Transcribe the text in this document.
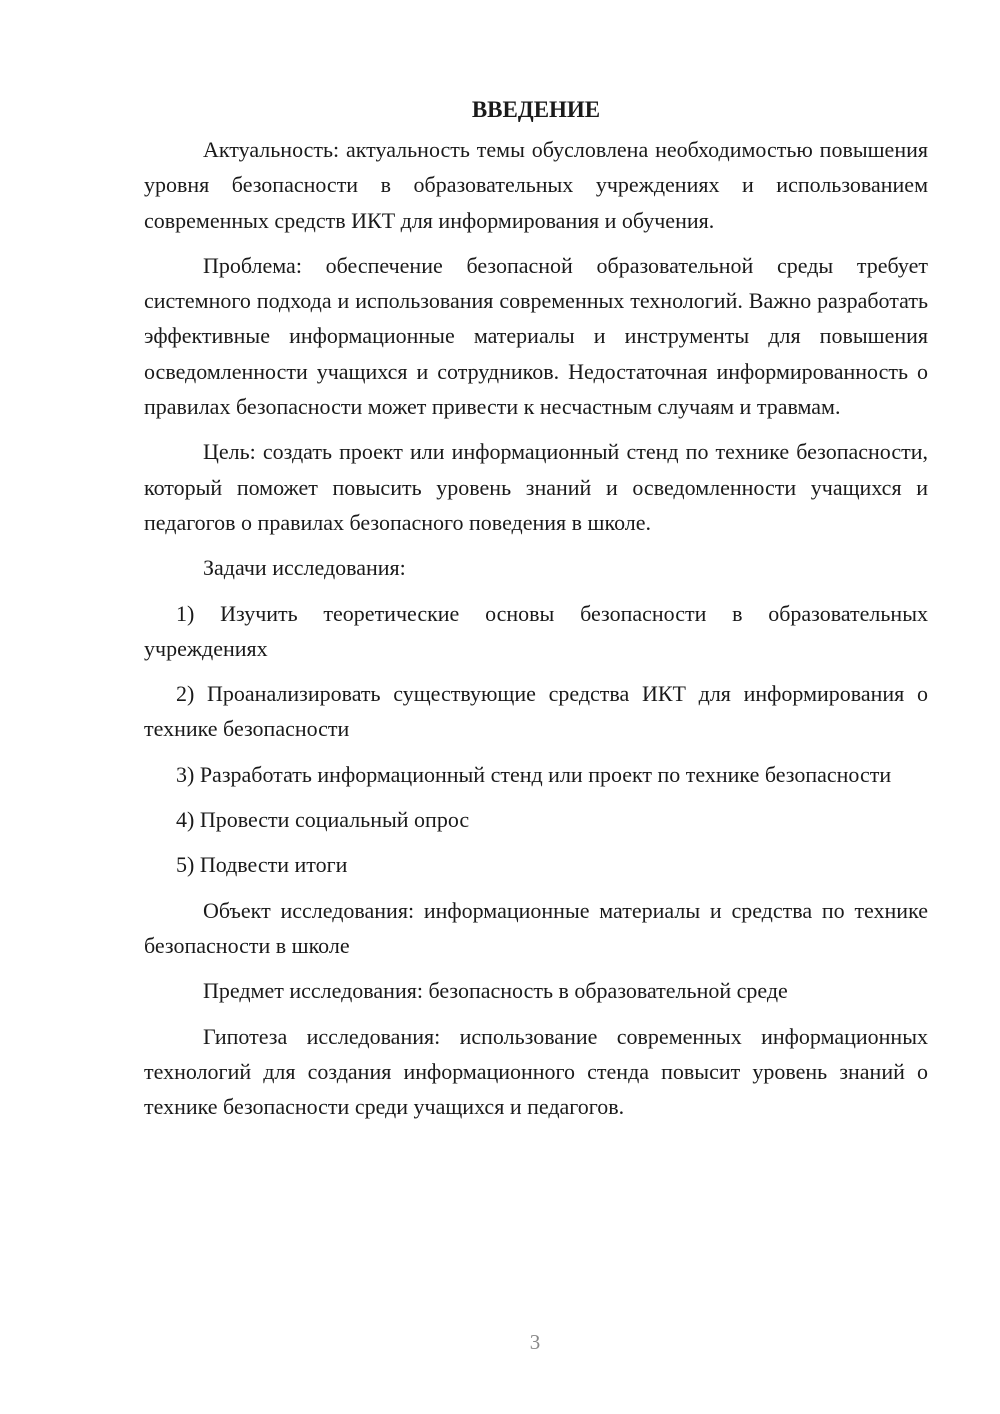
ВВЕДЕНИЕ

Актуальность: актуальность темы обусловлена необходимостью повышения уровня безопасности в образовательных учреждениях и использованием современных средств ИКТ для информирования и обучения.

Проблема: обеспечение безопасной образовательной среды требует системного подхода и использования современных технологий. Важно разработать эффективные информационные материалы и инструменты для повышения осведомленности учащихся и сотрудников. Недостаточная информированность о правилах безопасности может привести к несчастным случаям и травмам.

Цель: создать проект или информационный стенд по технике безопасности, который поможет повысить уровень знаний и осведомленности учащихся и педагогов о правилах безопасного поведения в школе.

Задачи исследования:

1) Изучить теоретические основы безопасности в образовательных учреждениях

2) Проанализировать существующие средства ИКТ для информирования о технике безопасности

3) Разработать информационный стенд или проект по технике безопасности

4) Провести социальный опрос

5) Подвести итоги

Объект исследования: информационные материалы и средства по технике безопасности в школе

Предмет исследования: безопасность в образовательной среде

Гипотеза исследования: использование современных информационных технологий для создания информационного стенда повысит уровень знаний о технике безопасности среди учащихся и педагогов.

3
